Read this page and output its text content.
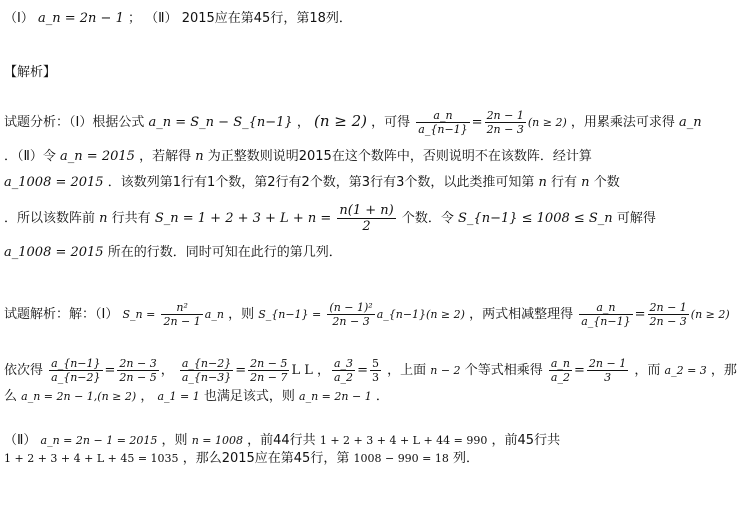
（Ⅰ） a_n = 2n − 1 ； （Ⅱ） 2015应在第45行，第18列．
【解析】
试题分析：（Ⅰ）根据公式 a_n = S_n − S_{n−1} ， (n ≥ 2) ，可得 $\frac{a\_n}{a\_\{n-1\}} = \frac{2n - 1}{2n - 3} (n \ge 2)$ ，用累乘法可求得 a_n
．（Ⅱ）令 a_n = 2015 ，若解得 n 为正整数则说明2015在这个数阵中，否则说明不在该数阵．经计算
a_1008 = 2015 ．该数列第1行有1个数，第2行有2个数，第3行有3个数，以此类推可知第 n 行有 n 个数
．所以该数阵前 n 行共有 S_n = $1 + 2 + 3 + L + n = \frac{n(1 + n)}{2}$ 个数．令 S_{n−1} ≤ 1008 ≤ S_n 可解得
a_1008 = 2015 所在的行数．同时可知在此行的第几列．
试题解析：解：（Ⅰ） S_n = $\frac{\text{n²}}{2n - 1}$ a_n ，则 S_{n−1} = $\frac{\text{(n − 1)²}}{2n - 3}$ a_{n−1}(n ≥ 2) ，两式相减整理得 $\frac{a\_n}{a\_\{n-1\}} = \frac{2n - 1}{2n - 3} (n \ge 2)$
依次得 $\frac{a\_\{n-1\}}{a\_\{n-2\}} = \frac{2n - 3}{2n - 5}$ ， $\frac{a\_\{n-2\}}{a\_\{n-3\}} = \frac{2n - 5}{2n - 7}$ L L ， $\frac{a\_3}{a\_2} = \frac{5}{3}$ ，上面 n − 2 个等式相乘得 $\frac{a\_n}{a\_2} = \frac{2n - 1}{3}$ ，而 a_2 = 3 ，那
么 a_n = 2n − 1,(n ≥ 2) ， a_1 = 1 也满足该式，则 a_n = 2n − 1 ．
（Ⅱ） a_n = 2n − 1 = 2015 ，则 n = 1008 ，前44行共 1 + 2 + 3 + 4 + L + 44 = 990 ，前45行共
1 + 2 + 3 + 4 + L + 45 = 1035 ，那么2015应在第45行，第 1008 − 990 = 18 列．
